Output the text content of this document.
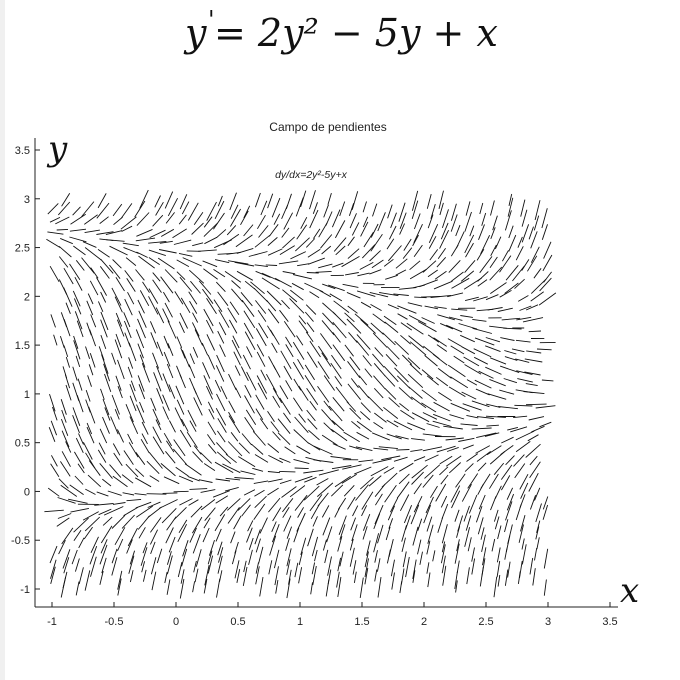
y ' = 2y² − 5y + x
-1	-0.5	0	0.5	1	1.5	2	2.5	3	3.5
-1
-0.5
0
0.5
1
1.5
2
2.5
3
3.5 y
x
Campo de pendientes
dy/dx=2y²-5y+x
